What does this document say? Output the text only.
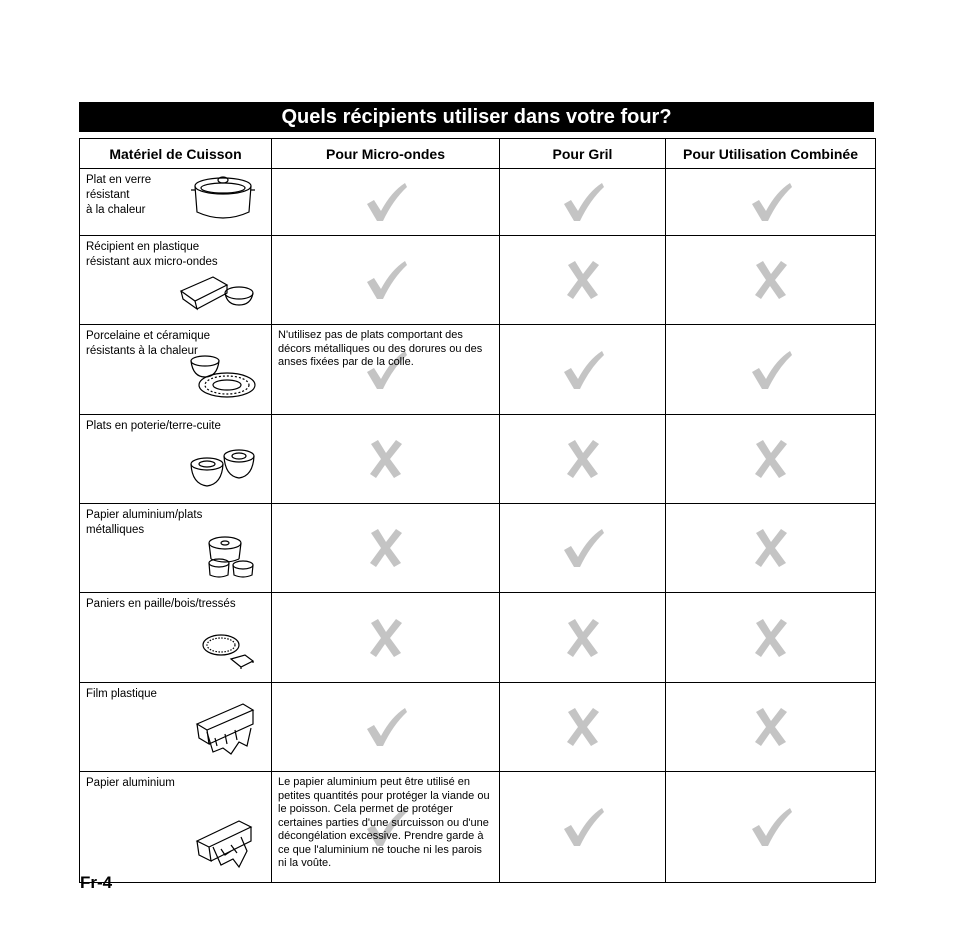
Quels récipients utiliser dans votre four?
Matériel de Cuisson	Pour Micro-ondes	Pour Gril	Pour Utilisation Combinée

Plat en verre
résistant
à la chaleur

Récipient en plastique
résistant aux micro-ondes

Porcelaine et céramique
résistants à la chaleur	N'utilisez pas de plats comportant des décors métalliques ou des dorures ou des anses fixées par de la colle.

Plats en poterie/terre-cuite

Papier aluminium/plats
métalliques

Paniers en paille/bois/tressés

Film plastique

Papier aluminium	Le papier aluminium peut être utilisé en petites quantités pour protéger la viande ou le poisson. Cela permet de protéger certaines parties d'une surcuisson ou d'une décongélation excessive. Prendre garde à ce que l'aluminium ne touche ni les parois ni la voûte.

Fr-4
